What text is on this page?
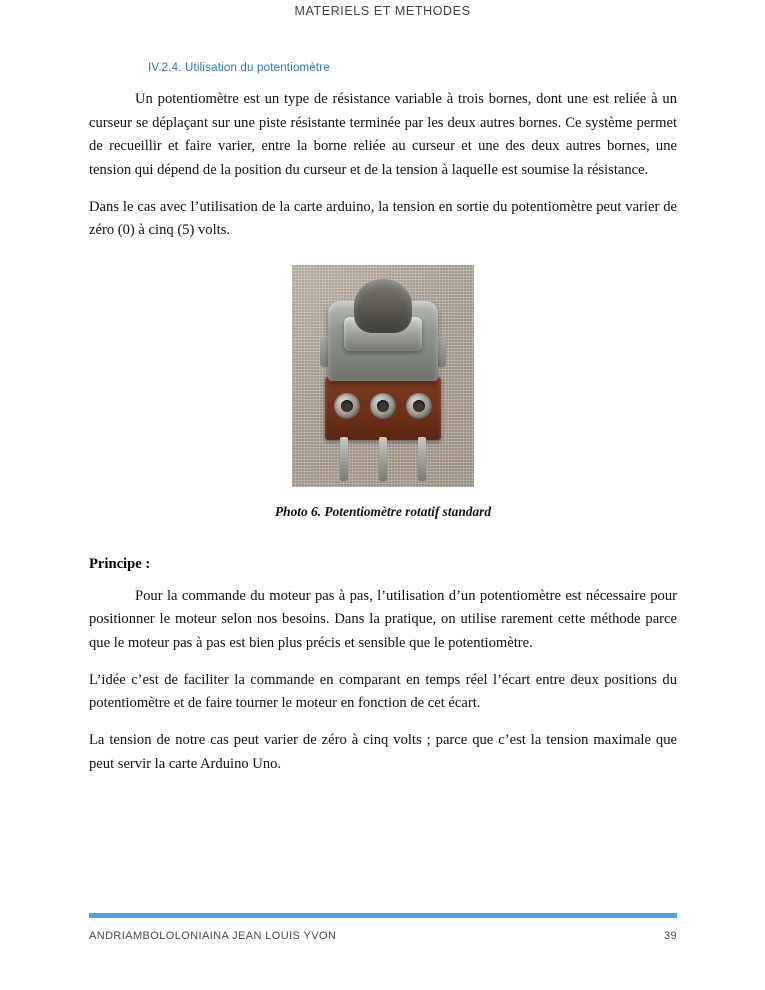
MATERIELS ET METHODES
IV.2.4. Utilisation du potentiomètre

Un potentiomètre est un type de résistance variable à trois bornes, dont une est reliée à un curseur se déplaçant sur une piste résistante terminée par les deux autres bornes. Ce système permet de recueillir et faire varier, entre la borne reliée au curseur et une des deux autres bornes, une tension qui dépend de la position du curseur et de la tension à laquelle est soumise la résistance.

Dans le cas avec l’utilisation de la carte arduino, la tension en sortie du potentiomètre peut varier de zéro (0) à cinq (5) volts.

Photo 6. Potentiomètre rotatif standard
Principe :

Pour la commande du moteur pas à pas, l’utilisation d’un potentiomètre est nécessaire pour positionner le moteur selon nos besoins. Dans la pratique, on utilise rarement cette méthode parce que le moteur pas à pas est bien plus précis et sensible que le potentiomètre.

L’idée c’est de faciliter la commande en comparant en temps réel l’écart entre deux positions du potentiomètre et de faire tourner le moteur en fonction de cet écart.

La tension de notre cas peut varier de zéro à cinq volts ; parce que c’est la tension maximale que peut servir la carte Arduino Uno.

ANDRIAMBOLOLONIAINA JEAN LOUIS YVON	39
